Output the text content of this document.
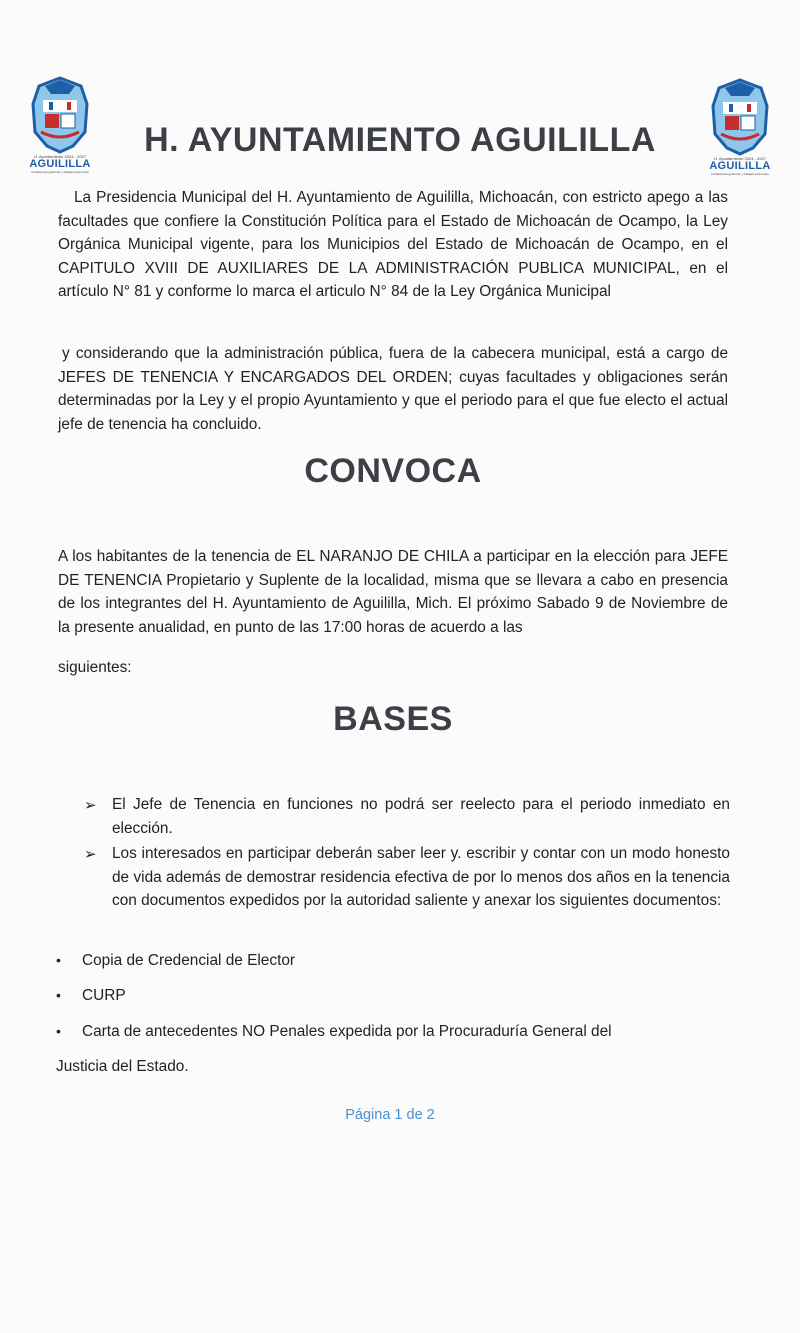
H. Ayuntamiento 2024 - 2027
AGUILILLA
Unidad para gobernar y trabajar para todos
H. Ayuntamiento 2024 - 2027
AGUILILLA
Unidad para gobernar y trabajar para todos
H. AYUNTAMIENTO AGUILILLA
La Presidencia Municipal del H. Ayuntamiento de Aguililla, Michoacán, con estricto apego a las facultades que confiere la Constitución Política para el Estado de Michoacán de Ocampo, la Ley Orgánica Municipal vigente, para los Municipios del Estado de Michoacán de Ocampo, en el CAPITULO XVIII DE AUXILIARES DE LA ADMINISTRACIÓN PUBLICA MUNICIPAL, en el artículo N° 81 y conforme lo marca el articulo N° 84 de la Ley Orgánica Municipal
y considerando que la administración pública, fuera de la cabecera municipal, está a cargo de JEFES DE TENENCIA Y ENCARGADOS DEL ORDEN; cuyas facultades y obligaciones serán determinadas por la Ley y el propio Ayuntamiento y que el periodo para el que fue electo el actual jefe de tenencia ha concluido.
CONVOCA
A los habitantes de la tenencia de EL NARANJO DE CHILA a participar en la elección para JEFE DE TENENCIA Propietario y Suplente de la localidad, misma que se llevara a cabo en presencia de los integrantes del H. Ayuntamiento de Aguililla, Mich. El próximo Sabado 9 de Noviembre de la presente anualidad, en punto de las 17:00 horas de acuerdo a las
siguientes:
BASES
➢ El Jefe de Tenencia en funciones no podrá ser reelecto para el periodo inmediato en elección.
➢ Los interesados en participar deberán saber leer y. escribir y contar con un modo honesto de vida además de demostrar residencia efectiva de por lo menos dos años en la tenencia con documentos expedidos por la autoridad saliente y anexar los siguientes documentos:
• Copia de Credencial de Elector
• CURP
• Carta de antecedentes NO Penales expedida por la Procuraduría General del
Justicia del Estado.
Página 1 de 2
